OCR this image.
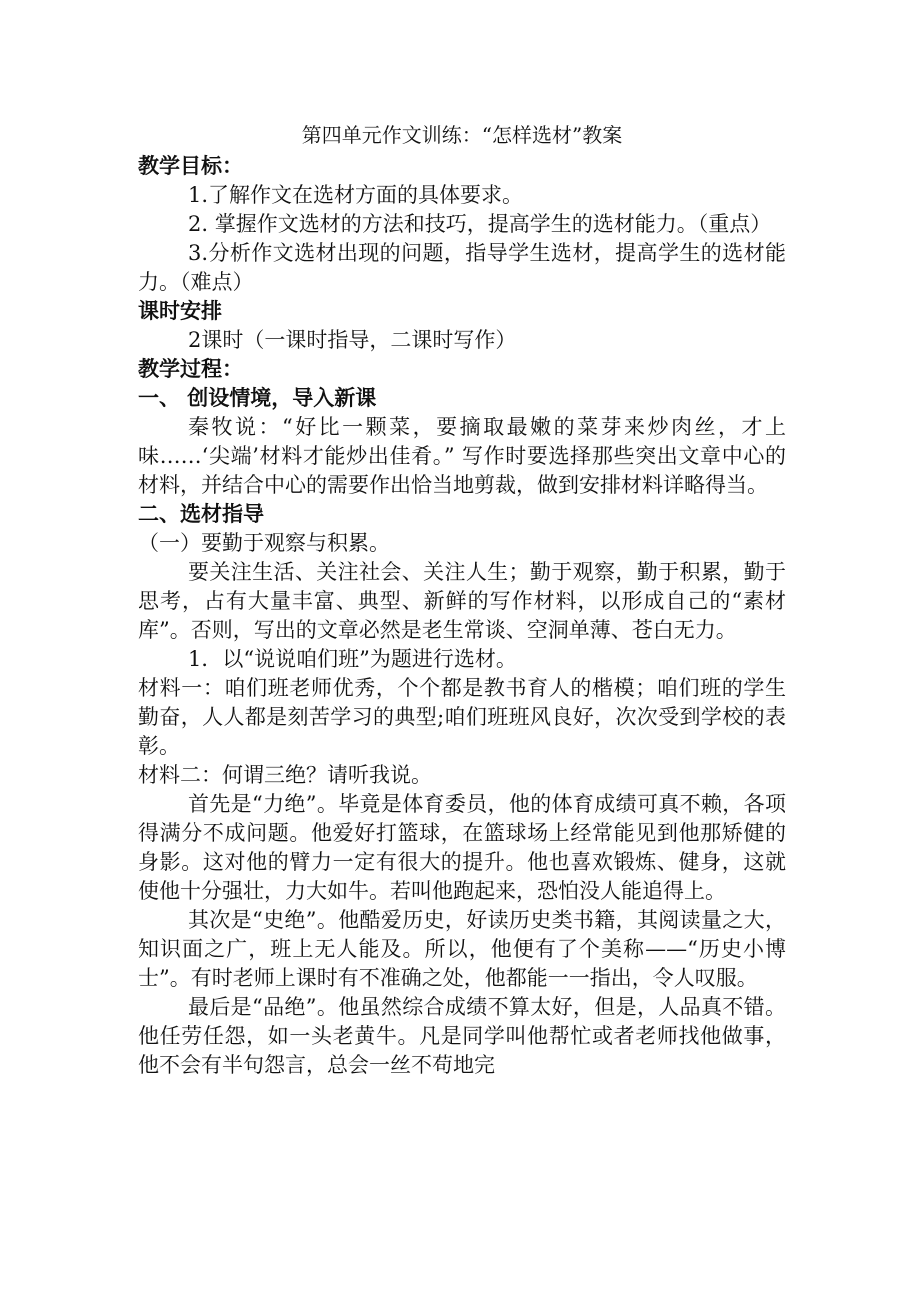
第四单元作文训练：“怎样选材”教案
教学目标：
1.了解作文在选材方面的具体要求。
2. 掌握作文选材的方法和技巧，提高学生的选材能力。（重点）
3.分析作文选材出现的问题，指导学生选材，提高学生的选材能力。（难点）
课时安排
2课时（一课时指导，二课时写作）
教学过程：
一、 创设情境，导入新课
秦牧说：“好比一颗菜，要摘取最嫩的菜芽来炒肉丝，才上味……‘尖端’材料才能炒出佳肴。” 写作时要选择那些突出文章中心的材料，并结合中心的需要作出恰当地剪裁，做到安排材料详略得当。
二、选材指导
（一）要勤于观察与积累。
要关注生活、关注社会、关注人生；勤于观察，勤于积累，勤于思考，占有大量丰富、典型、新鲜的写作材料，以形成自己的“素材库”。否则，写出的文章必然是老生常谈、空洞单薄、苍白无力。
1．以“说说咱们班”为题进行选材。
材料一：咱们班老师优秀，个个都是教书育人的楷模；咱们班的学生勤奋，人人都是刻苦学习的典型;咱们班班风良好，次次受到学校的表彰。
材料二：何谓三绝？请听我说。
首先是“力绝”。毕竟是体育委员，他的体育成绩可真不赖，各项得满分不成问题。他爱好打篮球，在篮球场上经常能见到他那矫健的身影。这对他的臂力一定有很大的提升。他也喜欢锻炼、健身，这就使他十分强壮，力大如牛。若叫他跑起来，恐怕没人能追得上。
其次是“史绝”。他酷爱历史，好读历史类书籍，其阅读量之大，知识面之广，班上无人能及。所以，他便有了个美称——“历史小博士”。有时老师上课时有不准确之处，他都能一一指出，令人叹服。
最后是“品绝”。他虽然综合成绩不算太好，但是，人品真不错。他任劳任怨，如一头老黄牛。凡是同学叫他帮忙或者老师找他做事，他不会有半句怨言，总会一丝不苟地完
